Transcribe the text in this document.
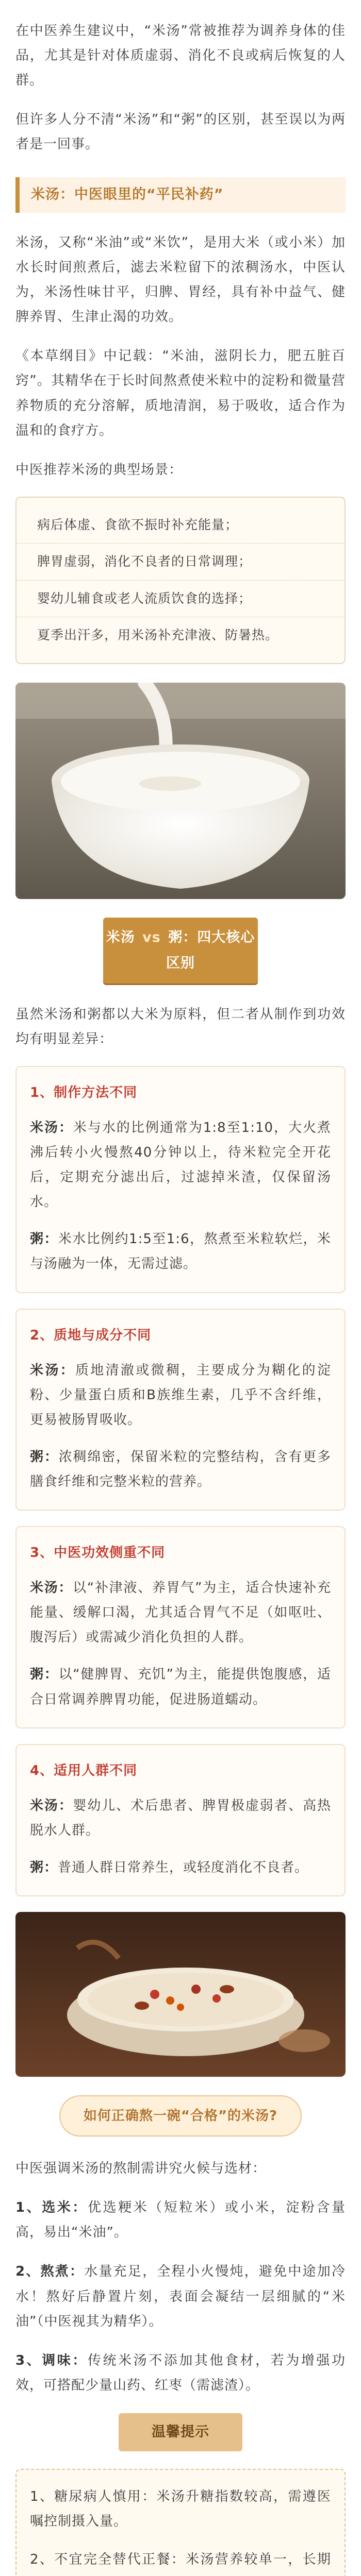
在中医养生建议中，“米汤”常被推荐为调养身体的佳品，尤其是针对体质虚弱、消化不良或病后恢复的人群。

但许多人分不清“米汤”和“粥”的区别，甚至误以为两者是一回事。

米汤： 中医眼里的“平民补药”

米汤，又称“米油”或“米饮”，是用大米（或小米）加水长时间煎煮后，滤去米粒留下的浓稠汤水，中医认为，米汤性味甘平，归脾、胃经，具有补中益气、健脾养胃、生津止渴的功效。

《本草纲目》中记载：“米油，滋阴长力，肥五脏百窍”。其精华在于长时间熬煮使米粒中的淀粉和微量营养物质的充分溶解，质地清润，易于吸收，适合作为温和的食疗方。

中医推荐米汤的典型场景：

病后体虚、食欲不振时补充能量；
脾胃虚弱，消化不良者的日常调理；
婴幼儿辅食或老人流质饮食的选择；
夏季出汗多，用米汤补充津液、防暑热。
米汤 vs 粥：四大核心区别

虽然米汤和粥都以大米为原料，但二者从制作到功效均有明显差异：

1、制作方法不同

米汤：米与水的比例通常为1:8至1:10，大火煮沸后转小火慢熬40分钟以上，待米粒完全开花后，定期充分滤出后，过滤掉米渣，仅保留汤水。

粥：米水比例约1:5至1:6，熬煮至米粒软烂，米与汤融为一体，无需过滤。

2、质地与成分不同

米汤：质地清澈或微稠，主要成分为糊化的淀粉、少量蛋白质和B族维生素，几乎不含纤维，更易被肠胃吸收。

粥：浓稠绵密，保留米粒的完整结构，含有更多膳食纤维和完整米粒的营养。

3、中医功效侧重不同

米汤：以“补津液、养胃气”为主，适合快速补充能量、缓解口渴，尤其适合胃气不足（如呕吐、腹泻后）或需减少消化负担的人群。

粥：以“健脾胃、充饥”为主，能提供饱腹感，适合日常调养脾胃功能，促进肠道蠕动。

4、适用人群不同

米汤：婴幼儿、术后患者、脾胃极虚弱者、高热脱水人群。

粥：普通人群日常养生，或轻度消化不良者。

如何正确熬一碗“合格”的米汤?

中医强调米汤的熬制需讲究火候与选材：

1、选米：优选粳米（短粒米）或小米，淀粉含量高，易出“米油”。
2、熬煮：水量充足，全程小火慢炖，避免中途加冷水！熬好后静置片刻，表面会凝结一层细腻的“米油”（中医视其为精华）。
3、调味：传统米汤不添加其他食材，若为增强功效，可搭配少量山药、红枣（需滤渣）。
温馨提示

1、糖尿病人慎用：米汤升糖指数较高，需遵医嘱控制摄入量。

2、不宜完全替代正餐：米汤营养较单一，长期
